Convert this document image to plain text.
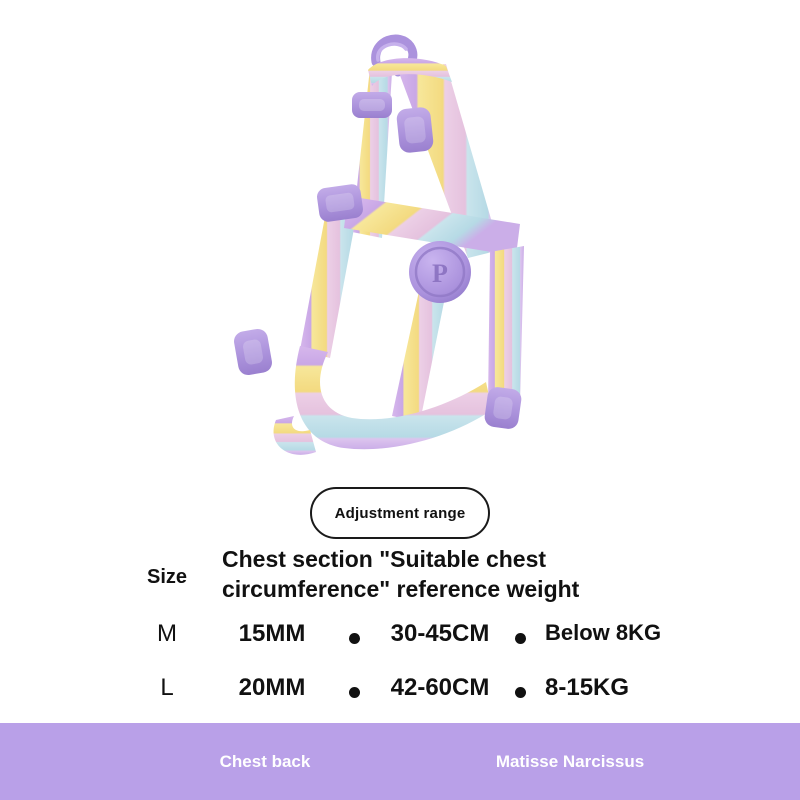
P
Adjustment range
Size
Chest section "Suitable chest circumference" reference weight
M	15MM	30-45CM	Below 8KG
L	20MM	42-60CM	8-15KG
Chest back	Matisse Narcissus
